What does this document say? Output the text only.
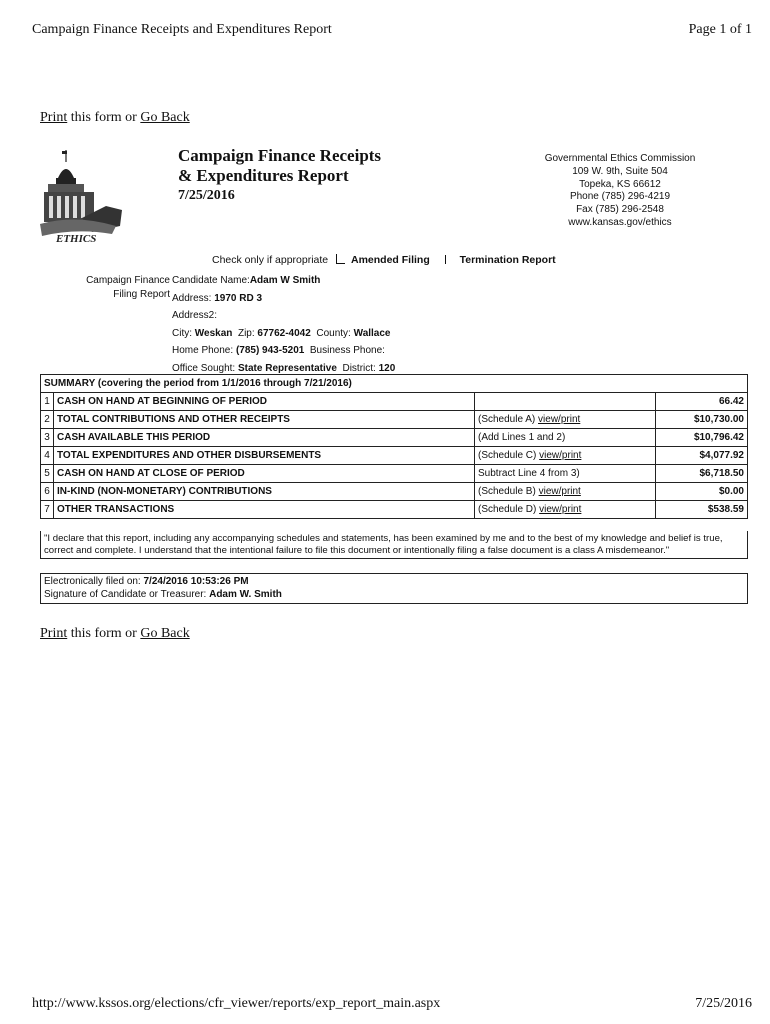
Campaign Finance Receipts and Expenditures Report	Page 1 of 1
Print this form or Go Back
ETHICS
Campaign Finance Receipts
& Expenditures Report
7/25/2016
Governmental Ethics Commission
109 W. 9th, Suite 504
Topeka, KS 66612
Phone (785) 296-4219
Fax (785) 296-2548
www.kansas.gov/ethics
Check only if appropriate Amended Filing	Termination Report
Campaign Finance
Filing Report
Candidate Name:Adam W Smith
Address: 1970 RD 3
Address2:
City: Weskan Zip: 67762-4042 County: Wallace
Home Phone: (785) 943-5201 Business Phone:
Office Sought: State Representative District: 120
SUMMARY (covering the period from 1/1/2016 through 7/21/2016)			
1	CASH ON HAND AT BEGINNING OF PERIOD		66.42
2	TOTAL CONTRIBUTIONS AND OTHER RECEIPTS	(Schedule A) view/print	$10,730.00
3	CASH AVAILABLE THIS PERIOD	(Add Lines 1 and 2)	$10,796.42
4	TOTAL EXPENDITURES AND OTHER DISBURSEMENTS	(Schedule C) view/print	$4,077.92
5	CASH ON HAND AT CLOSE OF PERIOD	Subtract Line 4 from 3)	$6,718.50
6	IN-KIND (NON-MONETARY) CONTRIBUTIONS	(Schedule B) view/print	$0.00
7	OTHER TRANSACTIONS	(Schedule D) view/print	$538.59
"I declare that this report, including any accompanying schedules and statements, has been examined by me and to the best of my knowledge and belief is true, correct and complete. I understand that the intentional failure to file this document or intentionally filing a false document is a class A misdemeanor."
Electronically filed on: 7/24/2016 10:53:26 PM
Signature of Candidate or Treasurer: Adam W. Smith
Print this form or Go Back
http://www.kssos.org/elections/cfr_viewer/reports/exp_report_main.aspx	7/25/2016
